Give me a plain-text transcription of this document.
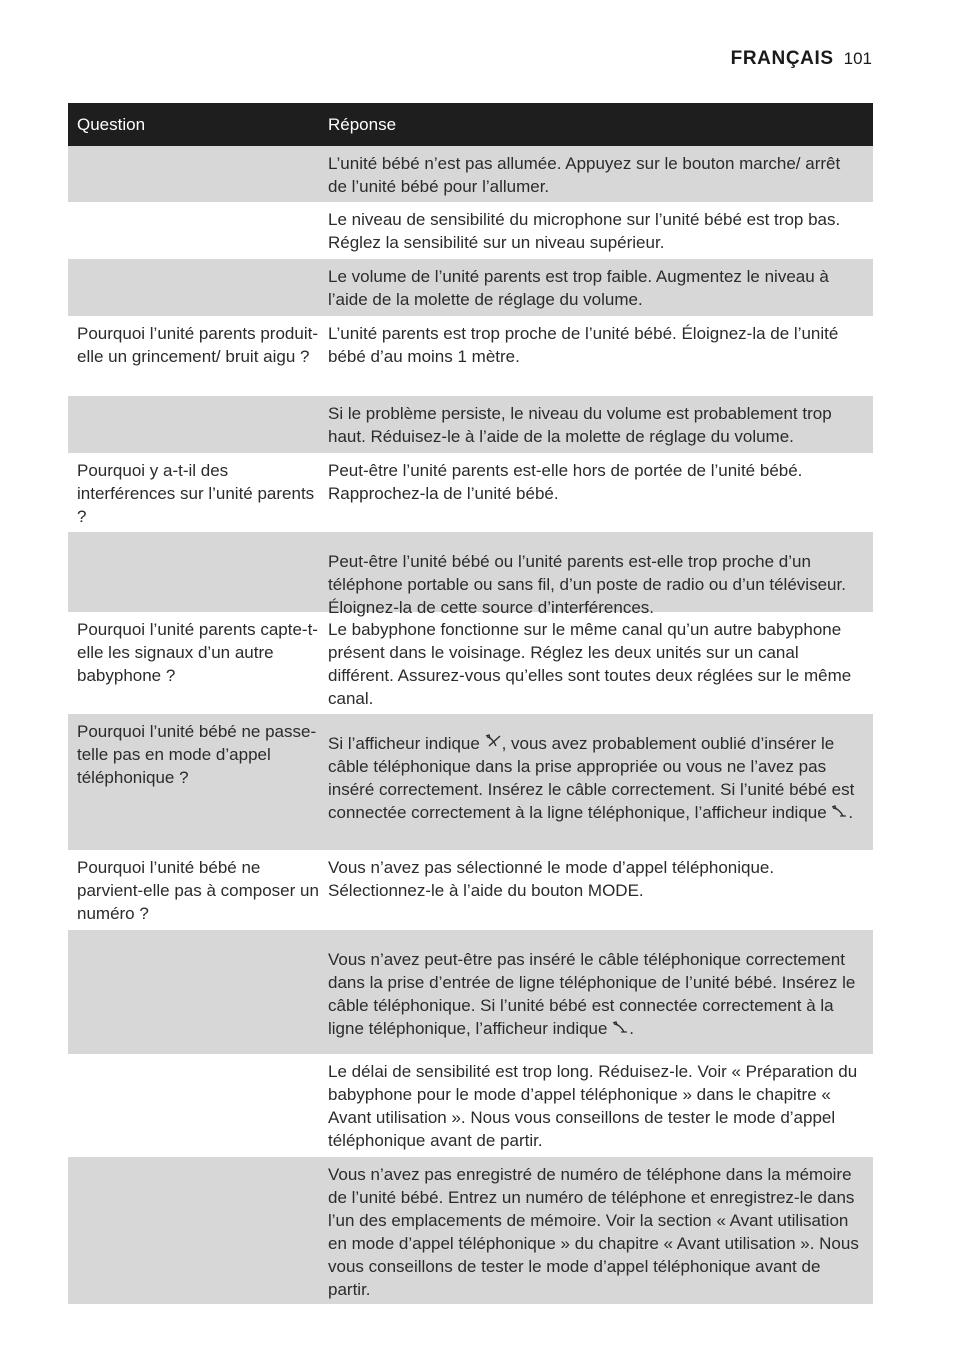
FRANÇAIS 101
Question	Réponse
L’unité bébé n’est pas allumée. Appuyez sur le bouton marche/ arrêt de l’unité bébé pour l’allumer.
Le niveau de sensibilité du microphone sur l’unité bébé est trop bas. Réglez la sensibilité sur un niveau supérieur.
Le volume de l’unité parents est trop faible. Augmentez le niveau à l’aide de la molette de réglage du volume.
Pourquoi l’unité parents produit-elle un grincement/ bruit aigu ?
L’unité parents est trop proche de l’unité bébé. Éloignez-la de l’unité bébé d’au moins 1 mètre.
Si le problème persiste, le niveau du volume est probablement trop haut. Réduisez-le à l’aide de la molette de réglage du volume.
Pourquoi y a-t-il des interférences sur l’unité parents ?
Peut-être l’unité parents est-elle hors de portée de l’unité bébé. Rapprochez-la de l’unité bébé.
Peut-être l’unité bébé ou l’unité parents est-elle trop proche d’un téléphone portable ou sans fil, d’un poste de radio ou d’un téléviseur. Éloignez-la de cette source d’interférences.
Pourquoi l’unité parents capte-t-elle les signaux d’un autre babyphone ?
Le babyphone fonctionne sur le même canal qu’un autre babyphone présent dans le voisinage. Réglez les deux unités sur un canal différent. Assurez-vous qu’elles sont toutes deux réglées sur le même canal.
Pourquoi l’unité bébé ne passe-telle pas en mode d’appel téléphonique ?
Si l’afficheur indique , vous avez probablement oublié d’insérer le câble téléphonique dans la prise appropriée ou vous ne l’avez pas inséré correctement. Insérez le câble correctement. Si l’unité bébé est connectée correctement à la ligne téléphonique, l’afficheur indique .
Pourquoi l’unité bébé ne parvient-elle pas à composer un numéro ?
Vous n’avez pas sélectionné le mode d’appel téléphonique. Sélectionnez-le à l’aide du bouton MODE.
Vous n’avez peut-être pas inséré le câble téléphonique correctement dans la prise d’entrée de ligne téléphonique de l’unité bébé. Insérez le câble téléphonique. Si l’unité bébé est connectée correctement à la ligne téléphonique, l’afficheur indique .
Le délai de sensibilité est trop long. Réduisez-le. Voir « Préparation du babyphone pour le mode d’appel téléphonique » dans le chapitre « Avant utilisation ». Nous vous conseillons de tester le mode d’appel téléphonique avant de partir.
Vous n’avez pas enregistré de numéro de téléphone dans la mémoire de l’unité bébé. Entrez un numéro de téléphone et enregistrez-le dans l’un des emplacements de mémoire. Voir la section « Avant utilisation en mode d’appel téléphonique » du chapitre « Avant utilisation ». Nous vous conseillons de tester le mode d’appel téléphonique avant de partir.
